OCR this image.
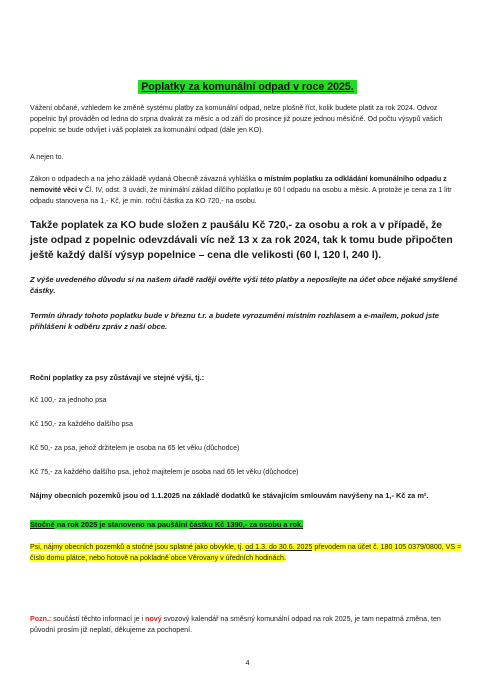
Poplatky za komunální odpad v roce 2025.

Vážení občané, vzhledem ke změně systému platby za komunální odpad, nelze plošně říct, kolik budete platit za rok 2024. Odvoz popelnic byl prováděn od ledna do srpna dvakrát za měsíc a od září do prosince již pouze jednou měsíčně. Od počtu výsypů vašich popelnic se bude odvíjet i váš poplatek za komunální odpad (dále jen KO).

A nejen to.

Zákon o odpadech a na jeho základě vydaná Obecně závazná vyhláška o místním poplatku za odkládání komunálního odpadu z nemovité věci v Čl. IV, odst. 3 uvádí, že minimální základ dílčího poplatku je 60 l odpadu na osobu a měsíc. A protože je cena za 1 litr odpadu stanovena na 1,- Kč, je min. roční částka za KO 720,- na osobu.

Takže poplatek za KO bude složen z paušálu Kč 720,- za osobu a rok a v případě, že jste odpad z popelnic odevzdávali víc než 13 x za rok 2024, tak k tomu bude připočten ještě každý další výsyp popelnice – cena dle velikosti (60 l, 120 l, 240 l).

Z výše uvedeného důvodu si na našem úřadě raději ověřte výši této platby a neposílejte na účet obce nějaké smyšlené částky.

Termín úhrady tohoto poplatku bude v březnu t.r. a budete vyrozuměni místním rozhlasem a e-mailem, pokud jste přihlášeni k odběru zpráv z naší obce.

Roční poplatky za psy zůstávají ve stejné výši, tj.:

Kč 100,- za jednoho psa

Kč 150,- za každého dalšího psa

Kč 50,- za psa, jehož držitelem je osoba na 65 let věku (důchodce)

Kč 75,- za každého dalšího psa, jehož majitelem je osoba nad 65 let věku (důchodce)

Nájmy obecních pozemků jsou od 1.1.2025 na základě dodatků ke stávajícím smlouvám navýšeny na 1,- Kč za m².

Stočné na rok 2025 je stanoveno na paušální částku Kč 1390,- za osobu a rok.

Psi, nájmy obecních pozemků a stočné jsou splatné jako obvykle, tj. od 1.3. do 30.6. 2025 převodem na účet č. 180 105 0379/0800, VS = číslo domu plátce, nebo hotově na pokladně obce Věrovany v úředních hodinách.

Pozn.: součástí těchto informací je i nový svozový kalendář na směsný komunální odpad na rok 2025, je tam nepatrná změna, ten původní prosím již neplatí, děkujeme za pochopení.

4
